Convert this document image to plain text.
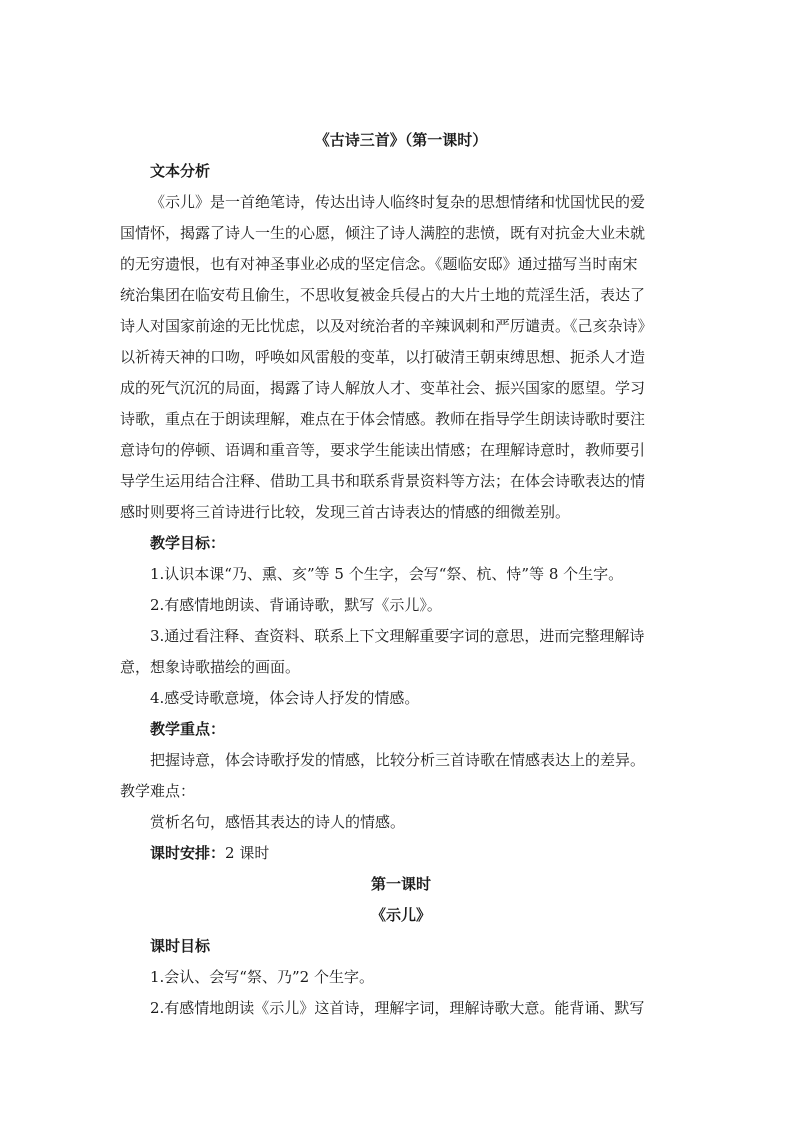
《古诗三首》（第一课时）
文本分析
《示儿》是一首绝笔诗，传达出诗人临终时复杂的思想情绪和忧国忧民的爱
国情怀，揭露了诗人一生的心愿，倾注了诗人满腔的悲愤，既有对抗金大业未就
的无穷遗恨，也有对神圣事业必成的坚定信念。《题临安邸》通过描写当时南宋
统治集团在临安苟且偷生，不思收复被金兵侵占的大片土地的荒淫生活，表达了
诗人对国家前途的无比忧虑，以及对统治者的辛辣讽刺和严厉谴责。《己亥杂诗》
以祈祷天神的口吻，呼唤如风雷般的变革，以打破清王朝束缚思想、扼杀人才造
成的死气沉沉的局面，揭露了诗人解放人才、变革社会、振兴国家的愿望。学习
诗歌，重点在于朗读理解，难点在于体会情感。教师在指导学生朗读诗歌时要注
意诗句的停顿、语调和重音等，要求学生能读出情感；在理解诗意时，教师要引
导学生运用结合注释、借助工具书和联系背景资料等方法；在体会诗歌表达的情
感时则要将三首诗进行比较，发现三首古诗表达的情感的细微差别。
教学目标：
1.认识本课“乃、熏、亥”等 5 个生字，会写“祭、杭、恃”等 8 个生字。
2.有感情地朗读、背诵诗歌，默写《示儿》。
3.通过看注释、查资料、联系上下文理解重要字词的意思，进而完整理解诗
意，想象诗歌描绘的画面。
4.感受诗歌意境，体会诗人抒发的情感。
教学重点：
把握诗意，体会诗歌抒发的情感，比较分析三首诗歌在情感表达上的差异。
教学难点：
赏析名句，感悟其表达的诗人的情感。
课时安排：2 课时
第一课时
《示儿》
课时目标
1.会认、会写“祭、乃”2 个生字。
2.有感情地朗读《示儿》这首诗，理解字词，理解诗歌大意。能背诵、默写
